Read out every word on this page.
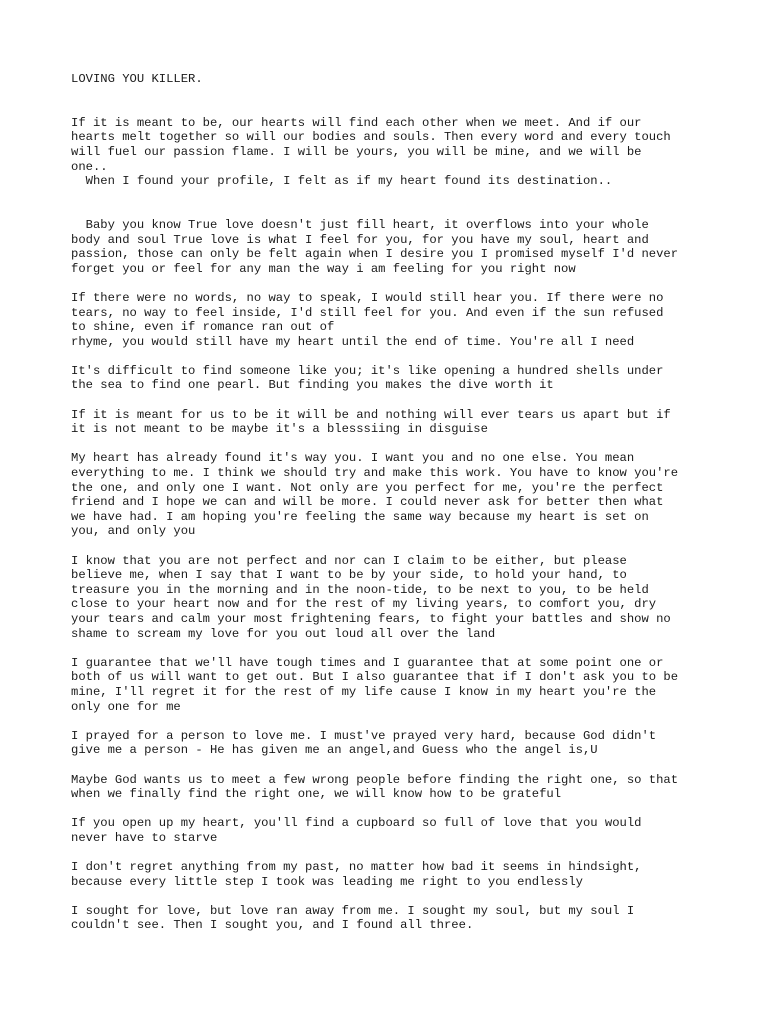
LOVING YOU KILLER.
If it is meant to be, our hearts will find each other when we meet. And if our
hearts melt together so will our bodies and souls. Then every word and every touch
will fuel our passion flame. I will be yours, you will be mine, and we will be
one..
When I found your profile, I felt as if my heart found its destination..
Baby you know True love doesn't just fill heart, it overflows into your whole
body and soul True love is what I feel for you, for you have my soul, heart and
passion, those can only be felt again when I desire you I promised myself I'd never
forget you or feel for any man the way i am feeling for you right now
If there were no words, no way to speak, I would still hear you. If there were no
tears, no way to feel inside, I'd still feel for you. And even if the sun refused
to shine, even if romance ran out of
rhyme, you would still have my heart until the end of time. You're all I need
It's difficult to find someone like you; it's like opening a hundred shells under
the sea to find one pearl. But finding you makes the dive worth it
If it is meant for us to be it will be and nothing will ever tears us apart but if
it is not meant to be maybe it's a blesssiing in disguise
My heart has already found it's way you. I want you and no one else. You mean
everything to me. I think we should try and make this work. You have to know you're
the one, and only one I want. Not only are you perfect for me, you're the perfect
friend and I hope we can and will be more. I could never ask for better then what
we have had. I am hoping you're feeling the same way because my heart is set on
you, and only you
I know that you are not perfect and nor can I claim to be either, but please
believe me, when I say that I want to be by your side, to hold your hand, to
treasure you in the morning and in the noon-tide, to be next to you, to be held
close to your heart now and for the rest of my living years, to comfort you, dry
your tears and calm your most frightening fears, to fight your battles and show no
shame to scream my love for you out loud all over the land
I guarantee that we'll have tough times and I guarantee that at some point one or
both of us will want to get out. But I also guarantee that if I don't ask you to be
mine, I'll regret it for the rest of my life cause I know in my heart you're the
only one for me
I prayed for a person to love me. I must've prayed very hard, because God didn't
give me a person - He has given me an angel,and Guess who the angel is,U
Maybe God wants us to meet a few wrong people before finding the right one, so that
when we finally find the right one, we will know how to be grateful
If you open up my heart, you'll find a cupboard so full of love that you would
never have to starve
I don't regret anything from my past, no matter how bad it seems in hindsight,
because every little step I took was leading me right to you endlessly
I sought for love, but love ran away from me. I sought my soul, but my soul I
couldn't see. Then I sought you, and I found all three.
